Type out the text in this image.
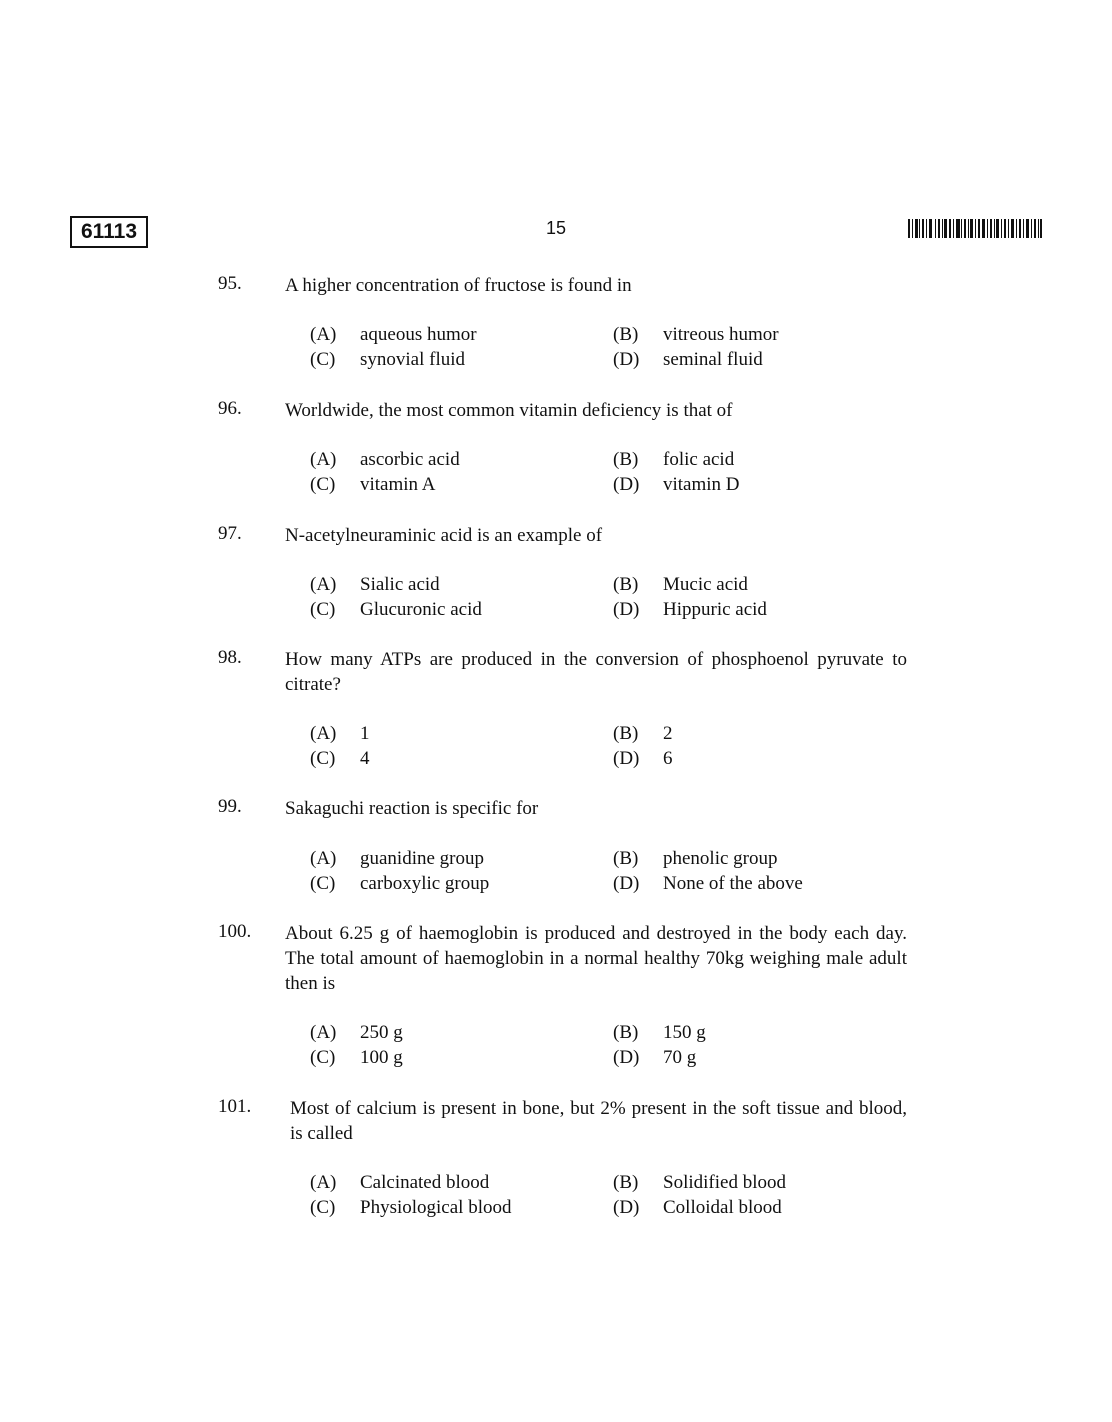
61113	15
95. A higher concentration of fructose is found in
(A) aqueous humor	(B) vitreous humor
(C) synovial fluid	(D) seminal fluid
96. Worldwide, the most common vitamin deficiency is that of
(A) ascorbic acid	(B) folic acid
(C) vitamin A	(D) vitamin D
97. N-acetylneuraminic acid is an example of
(A) Sialic acid	(B) Mucic acid
(C) Glucuronic acid	(D) Hippuric acid
98. How many ATPs are produced in the conversion of phosphoenol pyruvate to citrate?
(A) 1	(B) 2
(C) 4	(D) 6
99. Sakaguchi reaction is specific for
(A) guanidine group	(B) phenolic group
(C) carboxylic group	(D) None of the above
100. About 6.25 g of haemoglobin is produced and destroyed in the body each day. The total amount of haemoglobin in a normal healthy 70kg weighing male adult then is
(A) 250 g	(B) 150 g
(C) 100 g	(D) 70 g
101. Most of calcium is present in bone, but 2% present in the soft tissue and blood, is called
(A) Calcinated blood	(B) Solidified blood
(C) Physiological blood	(D) Colloidal blood
